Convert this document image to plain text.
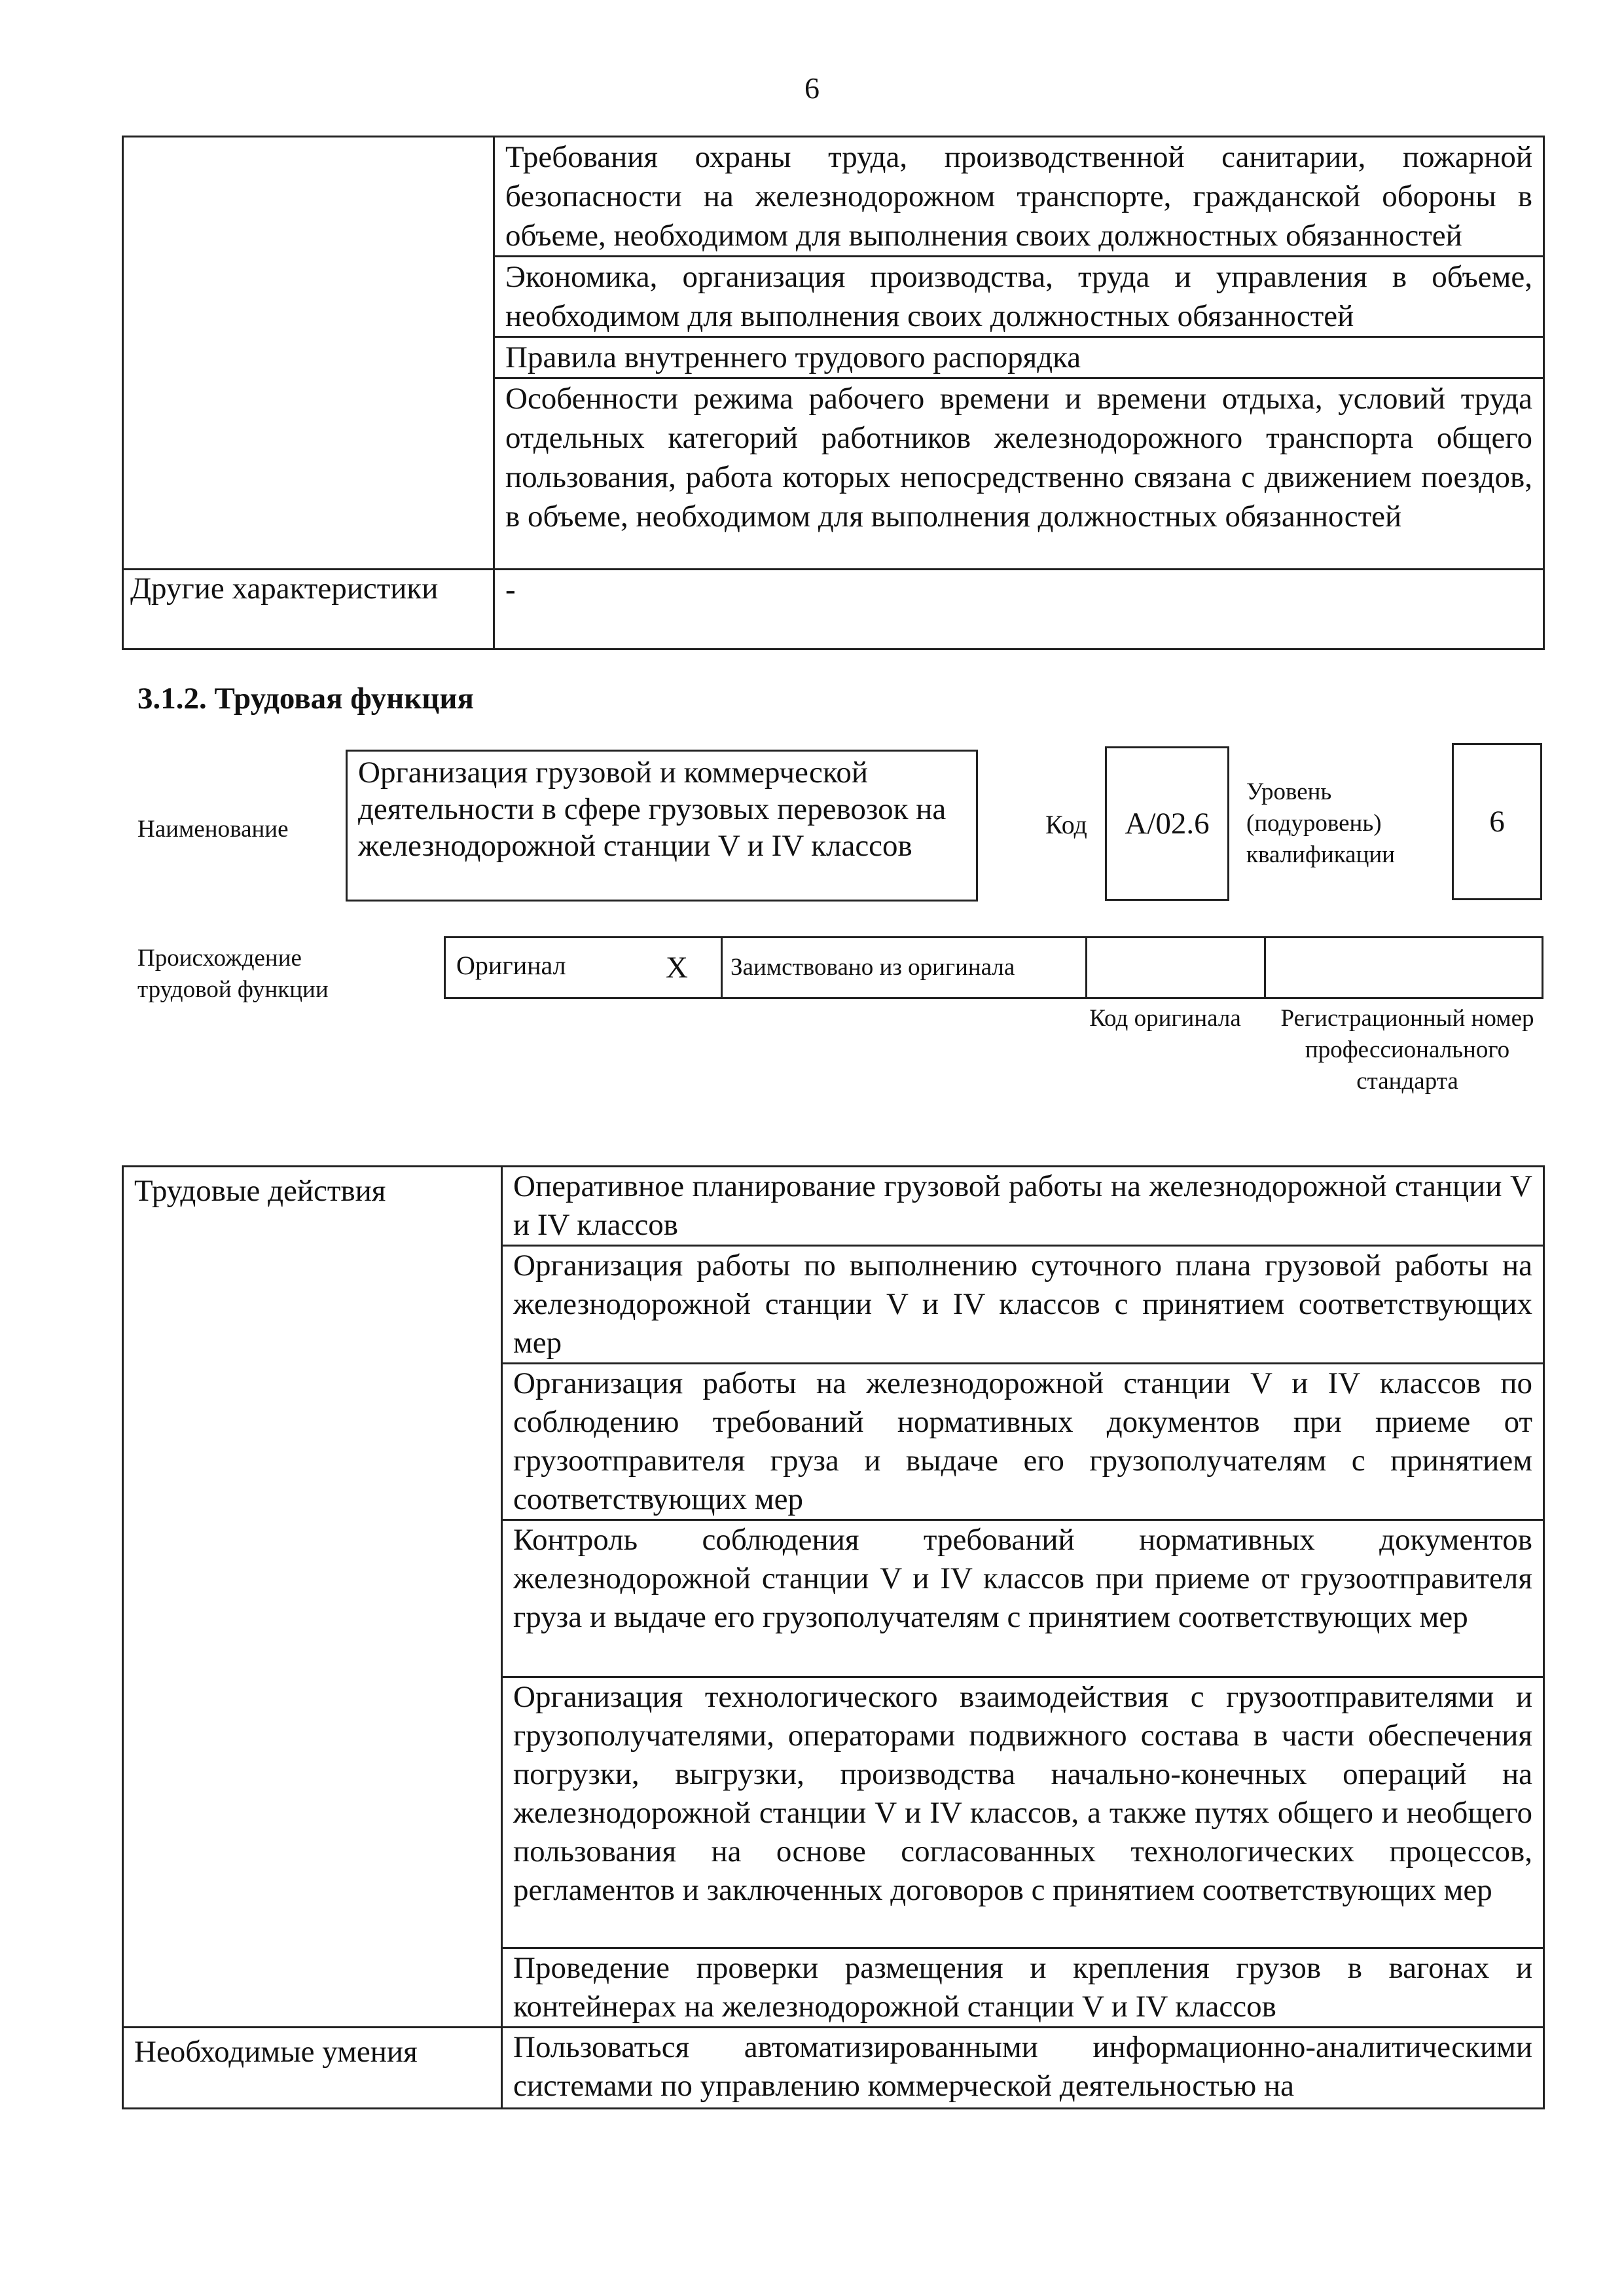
6
	Требования охраны труда, производственной санитарии, пожарной безопасности на железнодорожном транспорте, гражданской обороны в объеме, необходимом для выполнения своих должностных обязанностей
	Экономика, организация производства, труда и управления в объеме, необходимом для выполнения своих должностных обязанностей
	Правила внутреннего трудового распорядка
	Особенности режима рабочего времени и времени отдыха, условий труда отдельных категорий работников железнодорожного транспорта общего пользования, работа которых непосредственно связана с движением поездов, в объеме, необходимом для выполнения должностных обязанностей
Другие характеристики	-
3.1.2. Трудовая функция
Наименование
Организация грузовой и коммерческой деятельности в сфере грузовых перевозок на железнодорожной станции V и IV классов
Код	А/02.6
Уровень (подуровень) квалификации
6
Происхождение трудовой функции
Оригинал	X	Заимствовано из оригинала		
Код оригинала	Регистрационный номер профессионального стандарта
Трудовые действия	Оперативное планирование грузовой работы на железнодорожной станции V и IV классов
	Организация работы по выполнению суточного плана грузовой работы на железнодорожной станции V и IV классов с принятием соответствующих мер
	Организация работы на железнодорожной станции V и IV классов по соблюдению требований нормативных документов при приеме от грузоотправителя груза и выдаче его грузополучателям с принятием соответствующих мер
	Контроль соблюдения требований нормативных документов железнодорожной станции V и IV классов при приеме от грузоотправителя груза и выдаче его грузополучателям с принятием соответствующих мер
	Организация технологического взаимодействия с грузоотправителями и грузополучателями, операторами подвижного состава в части обеспечения погрузки, выгрузки, производства начально-конечных операций на железнодорожной станции V и IV классов, а также путях общего и необщего пользования на основе согласованных технологических процессов, регламентов и заключенных договоров с принятием соответствующих мер
	Проведение проверки размещения и крепления грузов в вагонах и контейнерах на железнодорожной станции V и IV классов
Необходимые умения	Пользоваться автоматизированными информационно-аналитическими системами по управлению коммерческой деятельностью на
